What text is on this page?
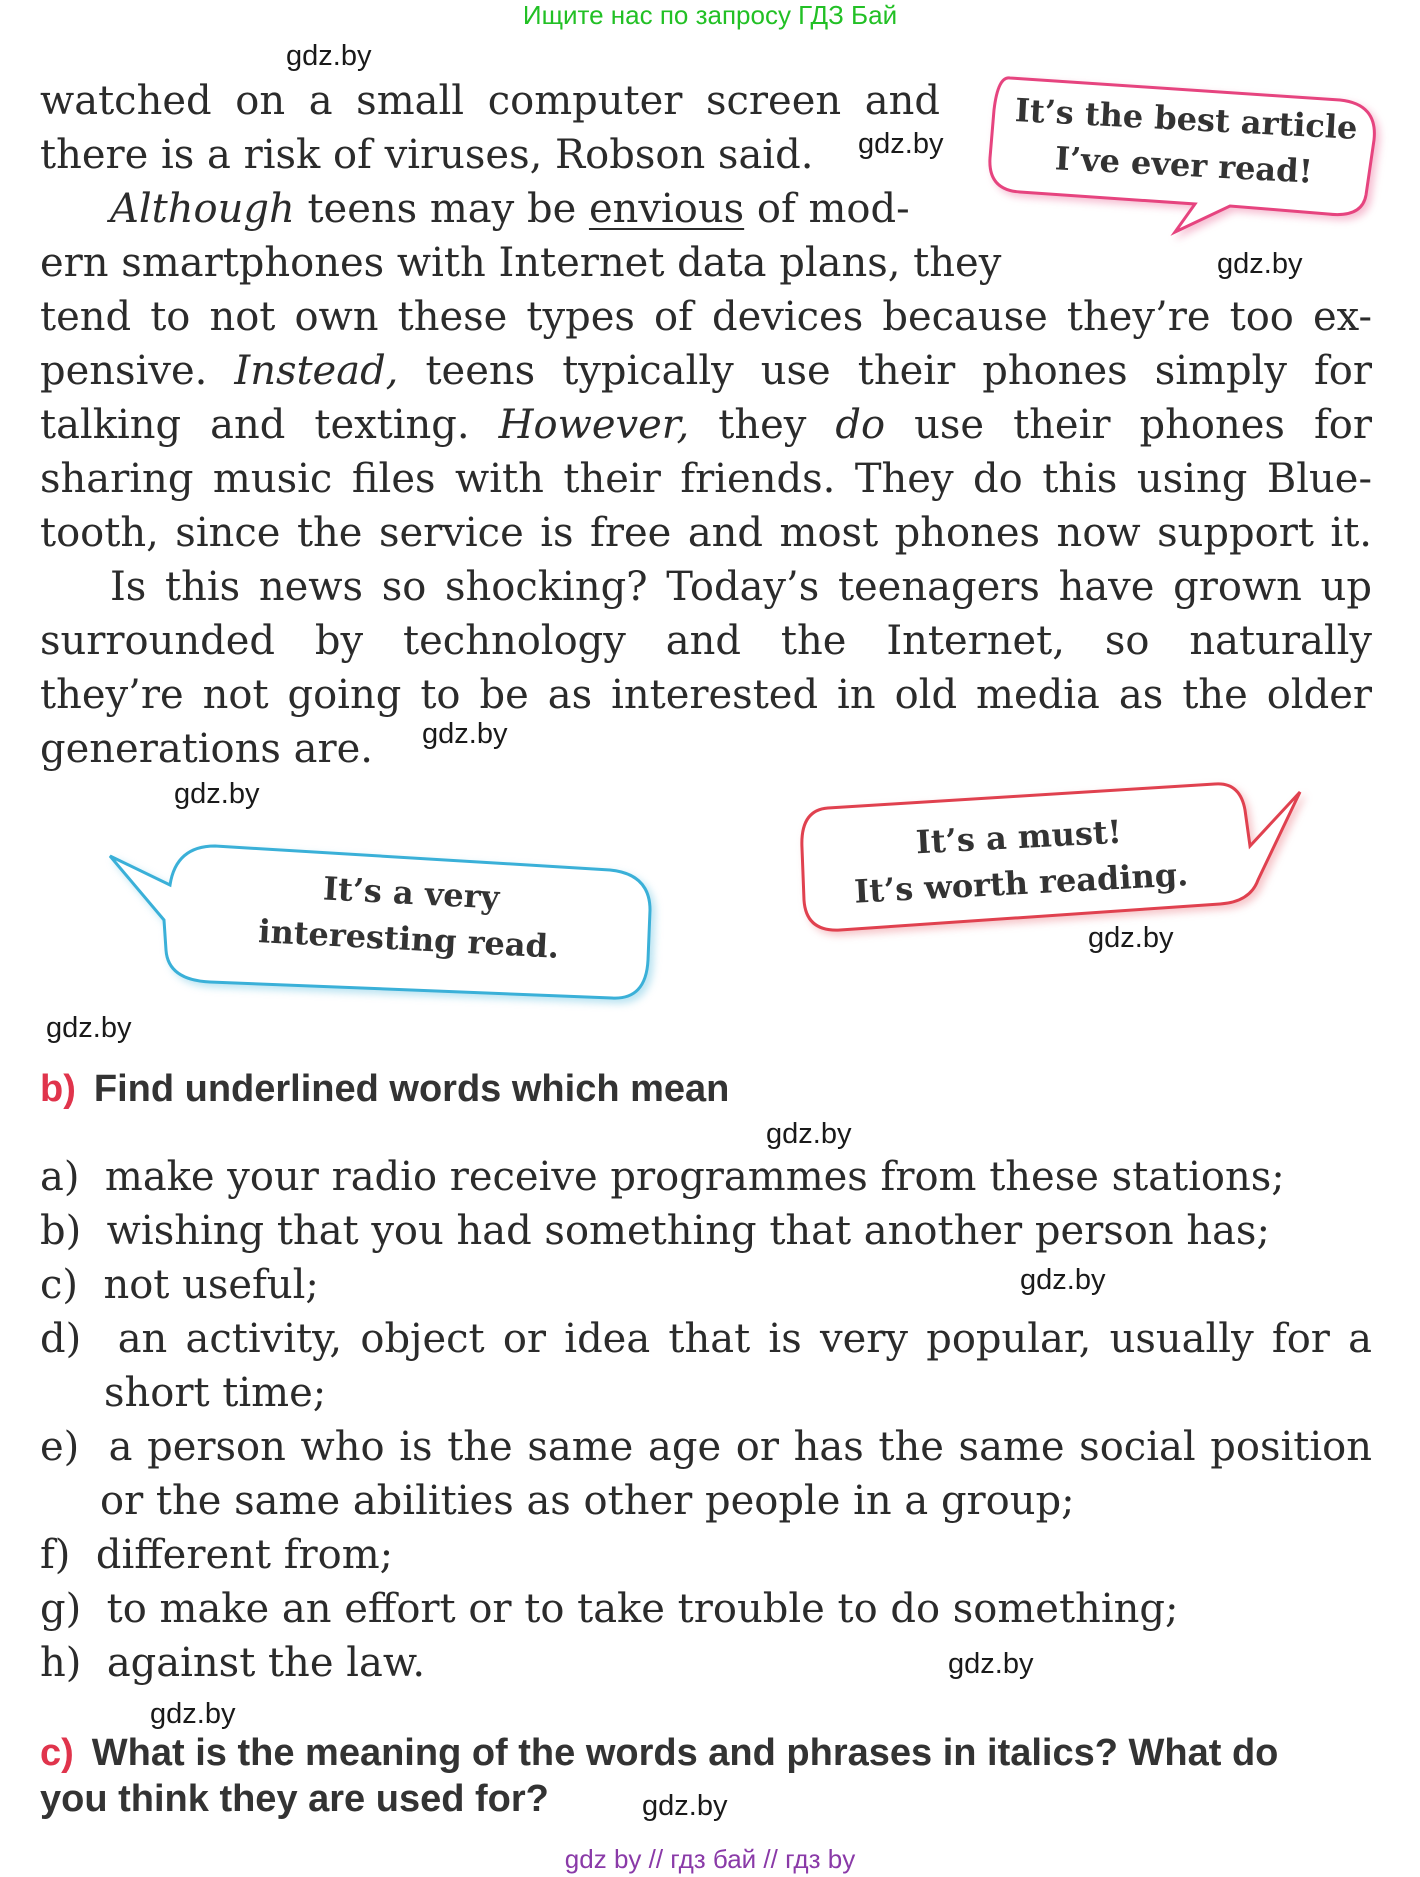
Ищите нас по запросу ГДЗ Бай
gdz.by
gdz.by
gdz.by
gdz.by
gdz.by
gdz.by
gdz.by
gdz.by
gdz.by
gdz.by
gdz.by
gdz.by
watched on a small computer screen and
there is a risk of viruses, Robson said.
Although teens may be envious of mod-
ern smartphones with Internet data plans, they
tend to not own these types of devices because they’re too ex-
pensive. Instead, teens typically use their phones simply for
talking and texting. However, they do use their phones for
sharing music files with their friends. They do this using Blue-
tooth, since the service is free and most phones now support it.
Is this news so shocking? Today’s teenagers have grown up
surrounded by technology and the Internet, so naturally
they’re not going to be as interested in old media as the older
generations are.
It’s the best article
I’ve ever read!
It’s a very
interesting read.
It’s a must!
It’s worth reading.
b) Find underlined words which mean
a) make your radio receive programmes from these stations;
b) wishing that you had something that another person has;
c) not useful;
d) an activity, object or idea that is very popular, usually for a
short time;
e) a person who is the same age or has the same social position
or the same abilities as other people in a group;
f) different from;
g) to make an effort or to take trouble to do something;
h) against the law.
c) What is the meaning of the words and phrases in italics? What do
you think they are used for?
gdz by // гдз бай // гдз by
